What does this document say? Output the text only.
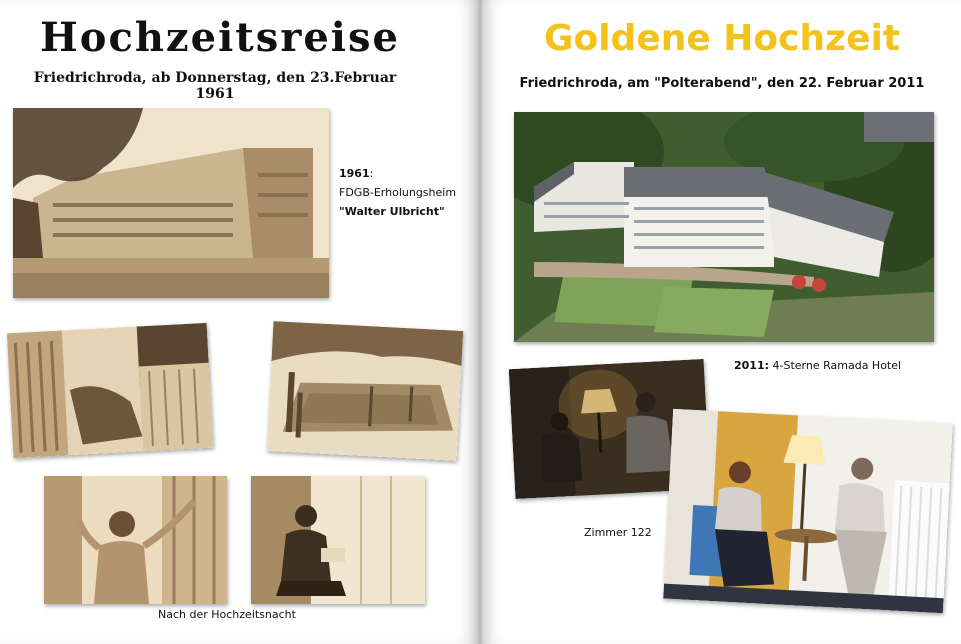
Hochzeitsreise
Friedrichroda, ab Donnerstag, den 23.Februar 1961
1961:
FDGB-Erholungsheim
"Walter Ulbricht"
Nach der Hochzeitsnacht
Goldene Hochzeit
Friedrichroda, am "Polterabend", den 22. Februar 2011
2011: 4-Sterne Ramada Hotel
Zimmer 122
